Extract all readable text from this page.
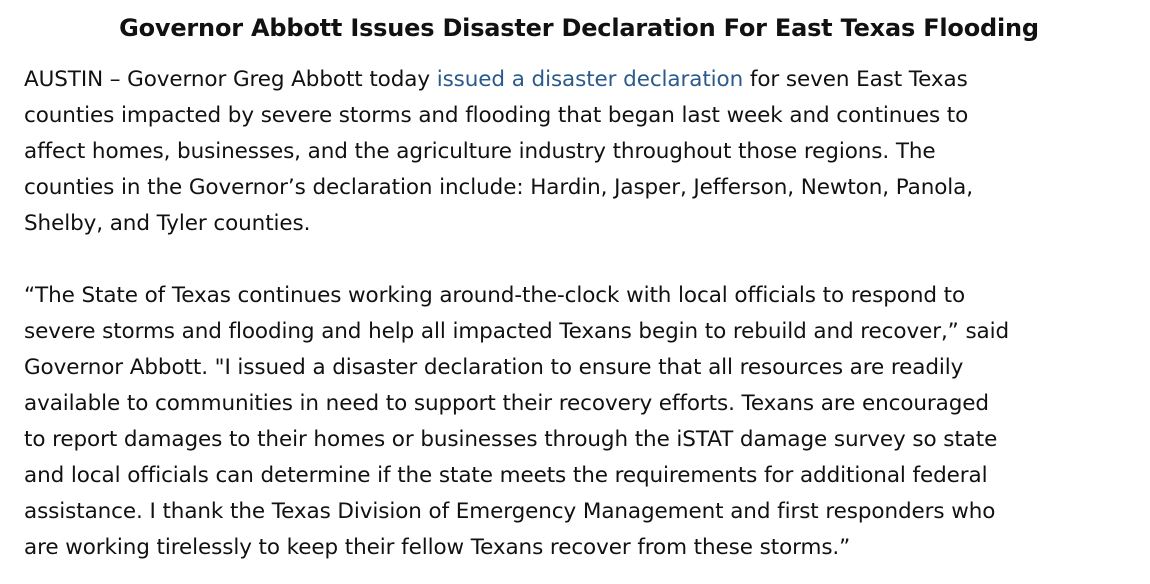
Governor Abbott Issues Disaster Declaration For East Texas Flooding

AUSTIN – Governor Greg Abbott today issued a disaster declaration for seven East Texas
counties impacted by severe storms and flooding that began last week and continues to
affect homes, businesses, and the agriculture industry throughout those regions. The
counties in the Governor’s declaration include: Hardin, Jasper, Jefferson, Newton, Panola,
Shelby, and Tyler counties.

“The State of Texas continues working around-the-clock with local officials to respond to
severe storms and flooding and help all impacted Texans begin to rebuild and recover,” said
Governor Abbott. "I issued a disaster declaration to ensure that all resources are readily
available to communities in need to support their recovery efforts. Texans are encouraged
to report damages to their homes or businesses through the iSTAT damage survey so state
and local officials can determine if the state meets the requirements for additional federal
assistance. I thank the Texas Division of Emergency Management and first responders who
are working tirelessly to keep their fellow Texans recover from these storms.”
